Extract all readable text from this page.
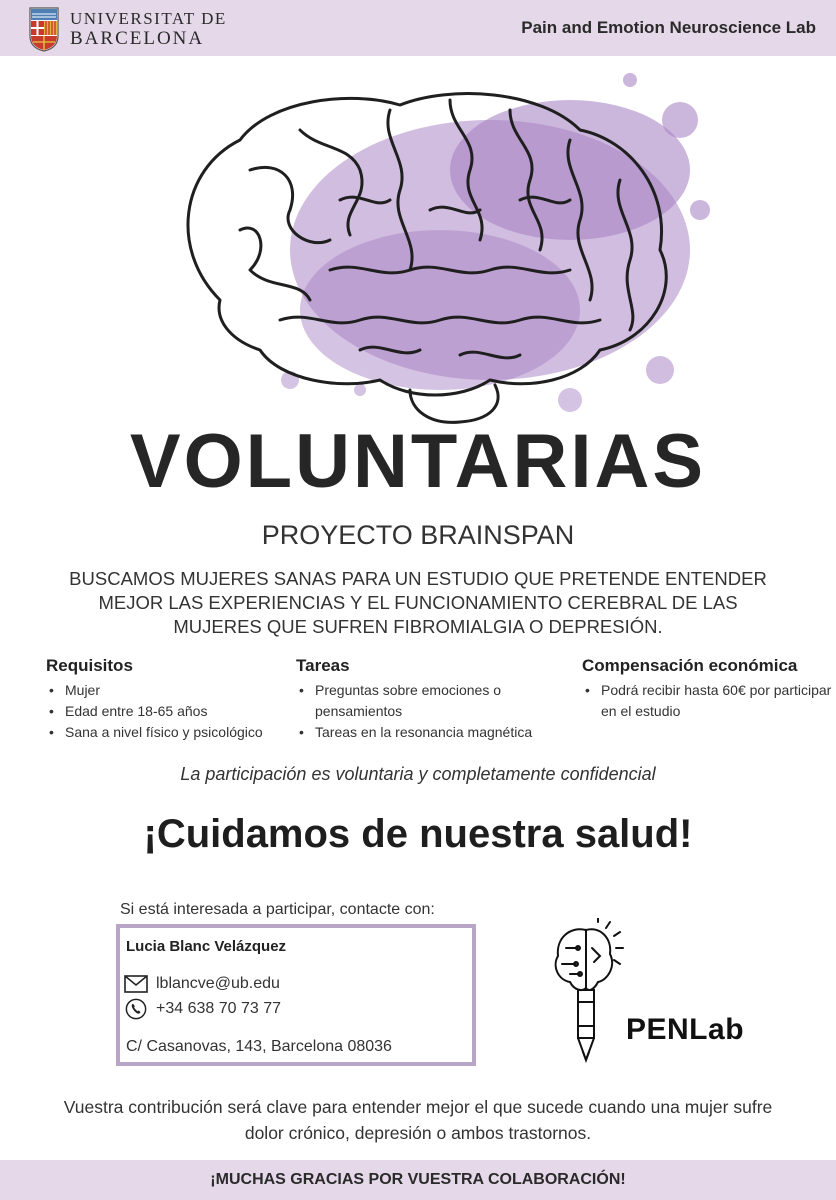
UNIVERSITAT DE
BARCELONA
Pain and Emotion Neuroscience Lab
VOLUNTARIAS
PROYECTO BRAINSPAN
BUSCAMOS MUJERES SANAS PARA UN ESTUDIO QUE PRETENDE ENTENDER
MEJOR LAS EXPERIENCIAS Y EL FUNCIONAMIENTO CEREBRAL DE LAS
MUJERES QUE SUFREN FIBROMIALGIA O DEPRESIÓN.
Requisitos
• Mujer
• Edad entre 18-65 años
• Sana a nivel físico y psicológico
Tareas
• Preguntas sobre emociones o pensamientos
• Tareas en la resonancia magnética
Compensación económica
• Podrá recibir hasta 60€ por participar en el estudio
La participación es voluntaria y completamente confidencial
¡Cuidamos de nuestra salud!
Si está interesada a participar, contacte con:
Lucia Blanc Velázquez
lblancve@ub.edu
+34 638 70 73 77
C/ Casanovas, 143, Barcelona 08036
PENLab
Vuestra contribución será clave para entender mejor el que sucede cuando una mujer sufre
dolor crónico, depresión o ambos trastornos.
¡MUCHAS GRACIAS POR VUESTRA COLABORACIÓN!
